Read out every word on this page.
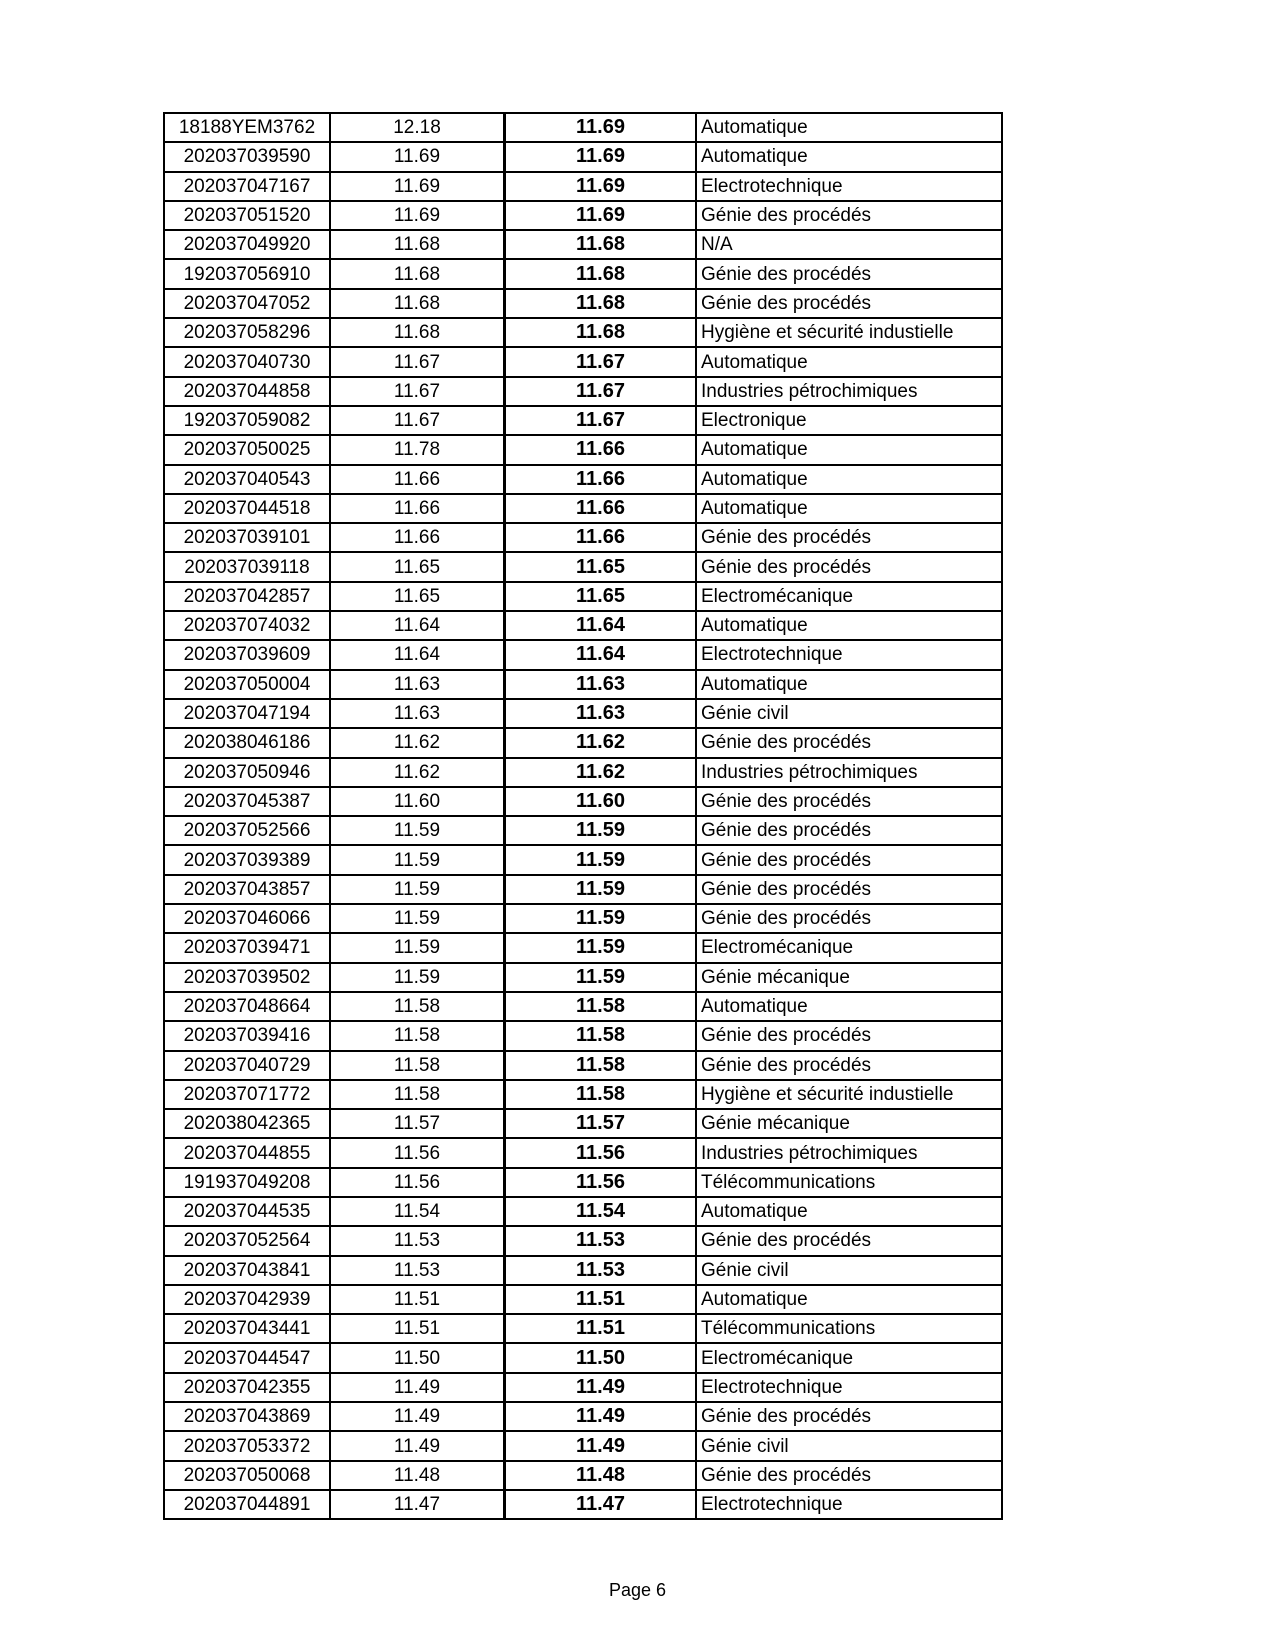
18188YEM3762	12.18	11.69	Automatique
202037039590	11.69	11.69	Automatique
202037047167	11.69	11.69	Electrotechnique
202037051520	11.69	11.69	Génie des procédés
202037049920	11.68	11.68	N/A
192037056910	11.68	11.68	Génie des procédés
202037047052	11.68	11.68	Génie des procédés
202037058296	11.68	11.68	Hygiène et sécurité industielle
202037040730	11.67	11.67	Automatique
202037044858	11.67	11.67	Industries pétrochimiques
192037059082	11.67	11.67	Electronique
202037050025	11.78	11.66	Automatique
202037040543	11.66	11.66	Automatique
202037044518	11.66	11.66	Automatique
202037039101	11.66	11.66	Génie des procédés
202037039118	11.65	11.65	Génie des procédés
202037042857	11.65	11.65	Electromécanique
202037074032	11.64	11.64	Automatique
202037039609	11.64	11.64	Electrotechnique
202037050004	11.63	11.63	Automatique
202037047194	11.63	11.63	Génie civil
202038046186	11.62	11.62	Génie des procédés
202037050946	11.62	11.62	Industries pétrochimiques
202037045387	11.60	11.60	Génie des procédés
202037052566	11.59	11.59	Génie des procédés
202037039389	11.59	11.59	Génie des procédés
202037043857	11.59	11.59	Génie des procédés
202037046066	11.59	11.59	Génie des procédés
202037039471	11.59	11.59	Electromécanique
202037039502	11.59	11.59	Génie mécanique
202037048664	11.58	11.58	Automatique
202037039416	11.58	11.58	Génie des procédés
202037040729	11.58	11.58	Génie des procédés
202037071772	11.58	11.58	Hygiène et sécurité industielle
202038042365	11.57	11.57	Génie mécanique
202037044855	11.56	11.56	Industries pétrochimiques
191937049208	11.56	11.56	Télécommunications
202037044535	11.54	11.54	Automatique
202037052564	11.53	11.53	Génie des procédés
202037043841	11.53	11.53	Génie civil
202037042939	11.51	11.51	Automatique
202037043441	11.51	11.51	Télécommunications
202037044547	11.50	11.50	Electromécanique
202037042355	11.49	11.49	Electrotechnique
202037043869	11.49	11.49	Génie des procédés
202037053372	11.49	11.49	Génie civil
202037050068	11.48	11.48	Génie des procédés
202037044891	11.47	11.47	Electrotechnique
Page 6
